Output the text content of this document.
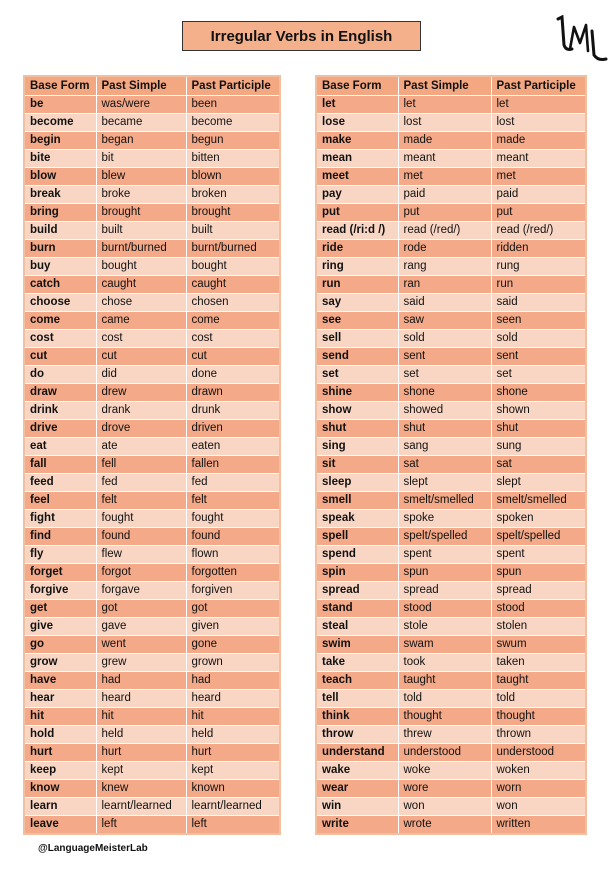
Irregular Verbs in English
Base Form	Past Simple	Past Participle
be	was/were	been
become	became	become
begin	began	begun
bite	bit	bitten
blow	blew	blown
break	broke	broken
bring	brought	brought
build	built	built
burn	burnt/burned	burnt/burned
buy	bought	bought
catch	caught	caught
choose	chose	chosen
come	came	come
cost	cost	cost
cut	cut	cut
do	did	done
draw	drew	drawn
drink	drank	drunk
drive	drove	driven
eat	ate	eaten
fall	fell	fallen
feed	fed	fed
feel	felt	felt
fight	fought	fought
find	found	found
fly	flew	flown
forget	forgot	forgotten
forgive	forgave	forgiven
get	got	got
give	gave	given
go	went	gone
grow	grew	grown
have	had	had
hear	heard	heard
hit	hit	hit
hold	held	held
hurt	hurt	hurt
keep	kept	kept
know	knew	known
learn	learnt/learned	learnt/learned
leave	left	left
Base Form	Past Simple	Past Participle
let	let	let
lose	lost	lost
make	made	made
mean	meant	meant
meet	met	met
pay	paid	paid
put	put	put
read (/ri:d /)	read (/red/)	read (/red/)
ride	rode	ridden
ring	rang	rung
run	ran	run
say	said	said
see	saw	seen
sell	sold	sold
send	sent	sent
set	set	set
shine	shone	shone
show	showed	shown
shut	shut	shut
sing	sang	sung
sit	sat	sat
sleep	slept	slept
smell	smelt/smelled	smelt/smelled
speak	spoke	spoken
spell	spelt/spelled	spelt/spelled
spend	spent	spent
spin	spun	spun
spread	spread	spread
stand	stood	stood
steal	stole	stolen
swim	swam	swum
take	took	taken
teach	taught	taught
tell	told	told
think	thought	thought
throw	threw	thrown
understand	understood	understood
wake	woke	woken
wear	wore	worn
win	won	won
write	wrote	written
@LanguageMeisterLab
